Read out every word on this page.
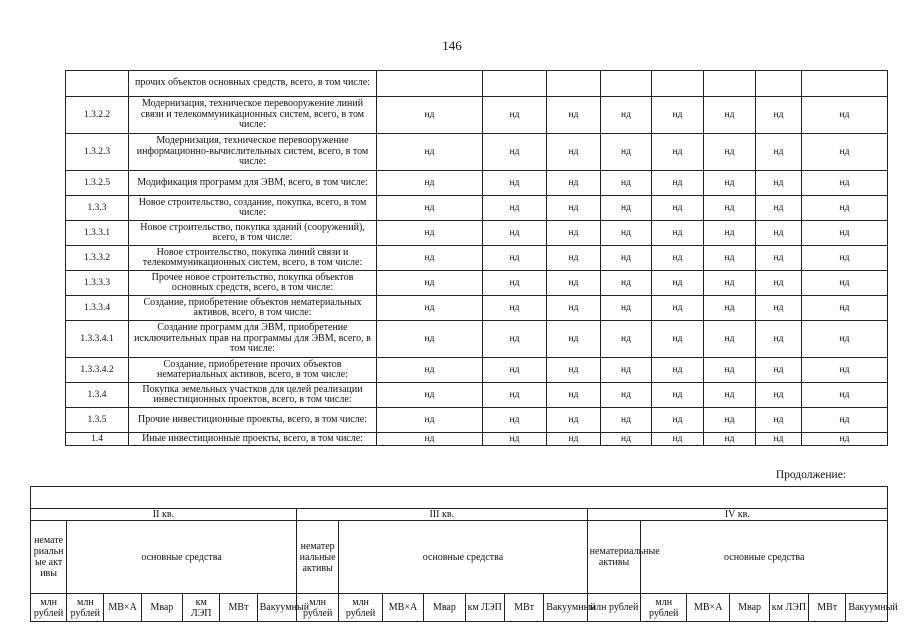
146
	прочих объектов основных средств, всего, в том числе:								
1.3.2.2	Модернизация, техническое перевооружение линий связи и телекоммуникационных систем, всего, в том числе:	нд	нд	нд	нд	нд	нд	нд	нд
1.3.2.3	Модернизация, техническое перевооружение информационно-вычислительных систем, всего, в том числе:	нд	нд	нд	нд	нд	нд	нд	нд
1.3.2.5	Модификация программ для ЭВМ, всего, в том числе:	нд	нд	нд	нд	нд	нд	нд	нд
1.3.3	Новое строительство, создание, покупка, всего, в том числе:	нд	нд	нд	нд	нд	нд	нд	нд
1.3.3.1	Новое строительство, покупка зданий (сооружений), всего, в том числе:	нд	нд	нд	нд	нд	нд	нд	нд
1.3.3.2	Новое строительство, покупка линий связи и телекоммуникационных систем, всего, в том числе:	нд	нд	нд	нд	нд	нд	нд	нд
1.3.3.3	Прочее новое строительство, покупка объектов основных средств, всего, в том числе:	нд	нд	нд	нд	нд	нд	нд	нд
1.3.3.4	Создание, приобретение объектов нематериальных активов, всего, в том числе:	нд	нд	нд	нд	нд	нд	нд	нд
1.3.3.4.1	Создание программ для ЭВМ, приобретение исключительных прав на программы для ЭВМ, всего, в том числе:	нд	нд	нд	нд	нд	нд	нд	нд
1.3.3.4.2	Создание, приобретение прочих объектов нематериальных активов, всего, в том числе:	нд	нд	нд	нд	нд	нд	нд	нд
1.3.4	Покупка земельных участков для целей реализации инвестиционных проектов, всего, в том числе:	нд	нд	нд	нд	нд	нд	нд	нд
1.3.5	Прочие инвестиционные проекты, всего, в том числе:	нд	нд	нд	нд	нд	нд	нд	нд
1.4	Иные инвестиционные проекты, всего, в том числе:	нд	нд	нд	нд	нд	нд	нд	нд
Продолжение:

II кв.							III кв.							IV кв.						
нематериальные активы	основные средства						нематериальные активы	основные средства						нематериальные активы	основные средства					
млн рублей	млн рублей	МВ×А	Мвар	км ЛЭП	МВт	Вакуумный	млн рублей	млн рублей	МВ×А	Мвар	км ЛЭП	МВт	Вакуумный	млн рублей	млн рублей	МВ×А	Мвар	км ЛЭП	МВт	Вакуумный
